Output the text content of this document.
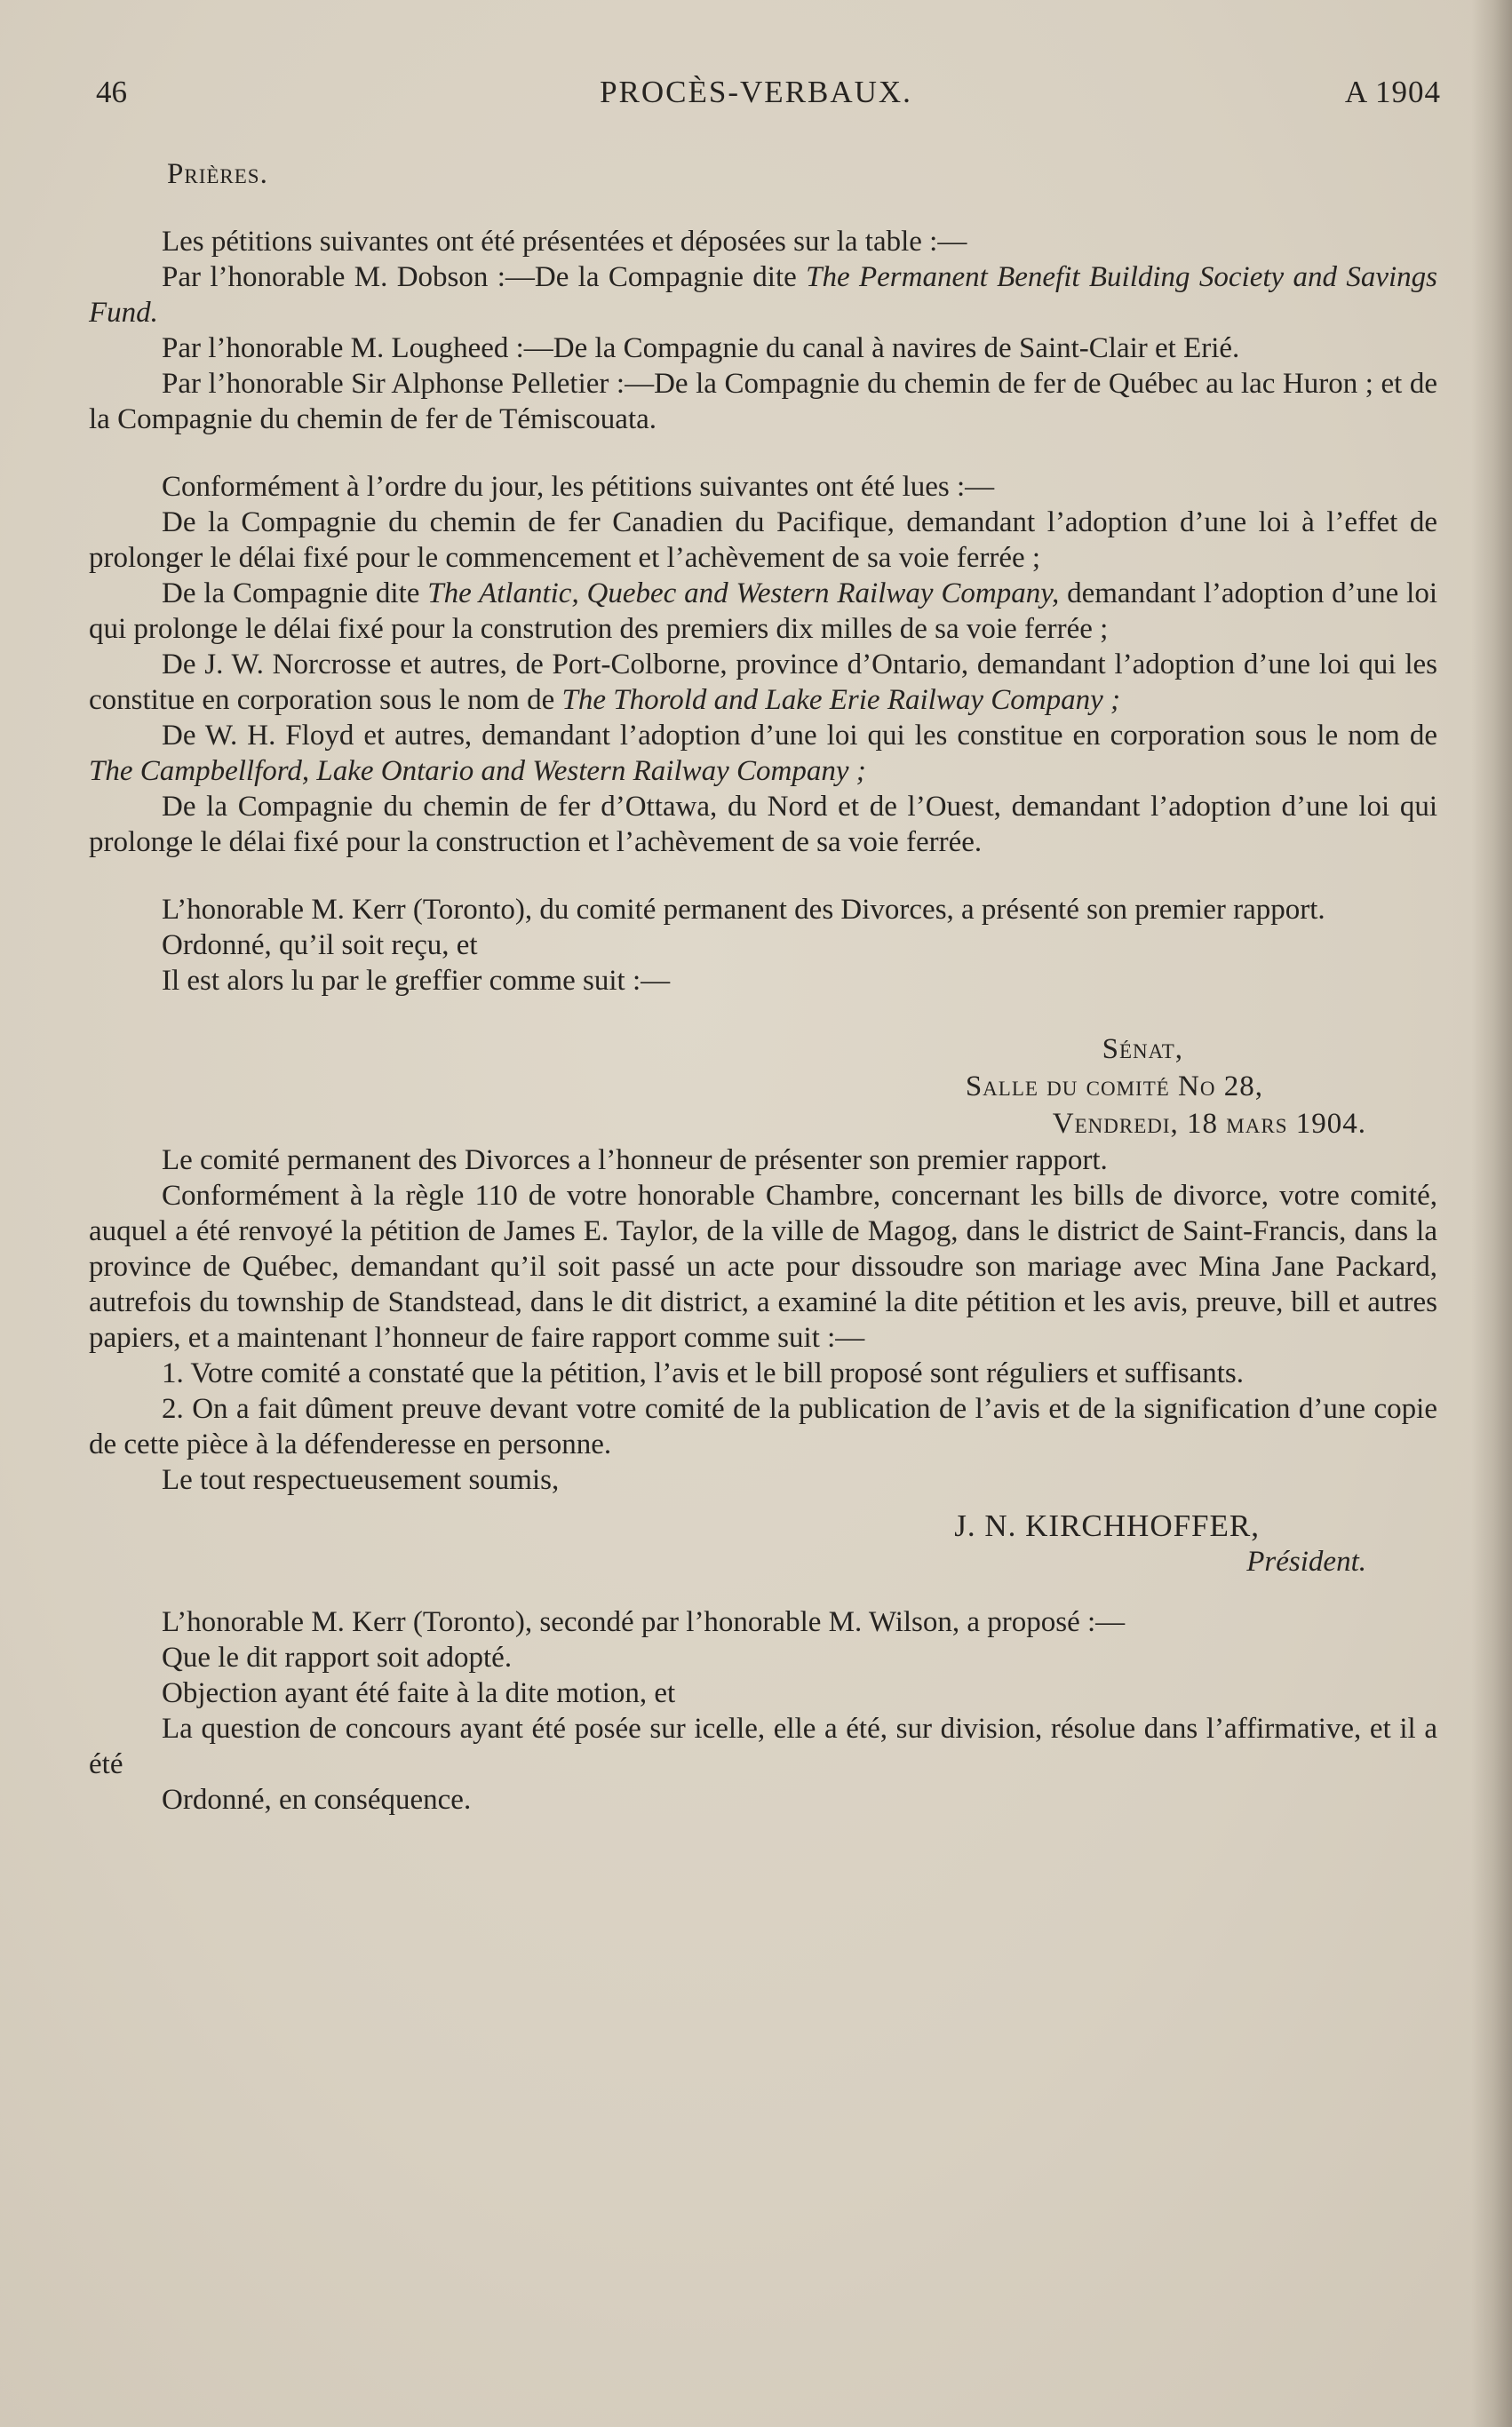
46	PROCÈS-VERBAUX.	A 1904

Prières.

Les pétitions suivantes ont été présentées et déposées sur la table :—

Par l’honorable M. Dobson :—De la Compagnie dite The Permanent Benefit Building Society and Savings Fund.

Par l’honorable M. Lougheed :—De la Compagnie du canal à navires de Saint-Clair et Erié.

Par l’honorable Sir Alphonse Pelletier :—De la Compagnie du chemin de fer de Québec au lac Huron ; et de la Compagnie du chemin de fer de Témiscouata.

Conformément à l’ordre du jour, les pétitions suivantes ont été lues :—

De la Compagnie du chemin de fer Canadien du Pacifique, demandant l’adoption d’une loi à l’effet de prolonger le délai fixé pour le commencement et l’achèvement de sa voie ferrée ;

De la Compagnie dite The Atlantic, Quebec and Western Railway Company, demandant l’adoption d’une loi qui prolonge le délai fixé pour la constrution des premiers dix milles de sa voie ferrée ;

De J. W. Norcrosse et autres, de Port-Colborne, province d’Ontario, demandant l’adoption d’une loi qui les constitue en corporation sous le nom de The Thorold and Lake Erie Railway Company ;

De W. H. Floyd et autres, demandant l’adoption d’une loi qui les constitue en corporation sous le nom de The Campbellford, Lake Ontario and Western Railway Company ;

De la Compagnie du chemin de fer d’Ottawa, du Nord et de l’Ouest, demandant l’adoption d’une loi qui prolonge le délai fixé pour la construction et l’achèvement de sa voie ferrée.

L’honorable M. Kerr (Toronto), du comité permanent des Divorces, a présenté son premier rapport.

Ordonné, qu’il soit reçu, et

Il est alors lu par le greffier comme suit :—

Sénat,
Salle du comité No 28,
Vendredi, 18 mars 1904.

Le comité permanent des Divorces a l’honneur de présenter son premier rapport.

Conformément à la règle 110 de votre honorable Chambre, concernant les bills de divorce, votre comité, auquel a été renvoyé la pétition de James E. Taylor, de la ville de Magog, dans le district de Saint-Francis, dans la province de Québec, demandant qu’il soit passé un acte pour dissoudre son mariage avec Mina Jane Packard, autrefois du township de Standstead, dans le dit district, a examiné la dite pétition et les avis, preuve, bill et autres papiers, et a maintenant l’honneur de faire rapport comme suit :—

1. Votre comité a constaté que la pétition, l’avis et le bill proposé sont réguliers et suffisants.

2. On a fait dûment preuve devant votre comité de la publication de l’avis et de la signification d’une copie de cette pièce à la défenderesse en personne.

Le tout respectueusement soumis,

J. N. KIRCHHOFFER,

Président.

L’honorable M. Kerr (Toronto), secondé par l’honorable M. Wilson, a proposé :—

Que le dit rapport soit adopté.

Objection ayant été faite à la dite motion, et

La question de concours ayant été posée sur icelle, elle a été, sur division, résolue dans l’affirmative, et il a été

Ordonné, en conséquence.
